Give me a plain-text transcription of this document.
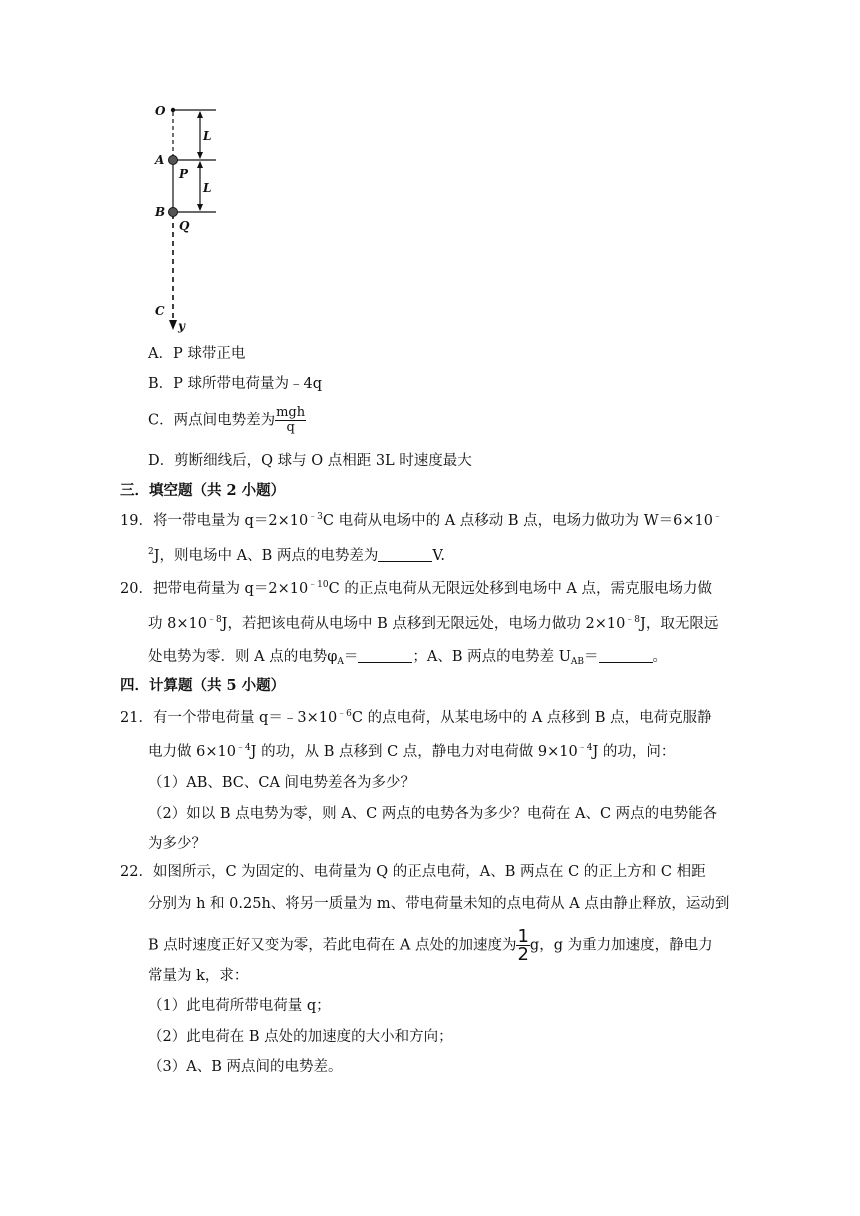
O
A
B
C
P
Q
y
L
L
A．P 球带正电
B．P 球所带电荷量为﹣4q
C．两点间电势差为 $\frac{\text{mgh}}{q}$
D．剪断细线后，Q 球与 O 点相距 3L 时速度最大
三．填空题（共 2 小题）
19．将一带电量为 $q=2\times 10^{﹣3}C$ 电荷从电场中的 A 点移动 B 点，电场力做功为 W＝6×10﹣
$^2$J，则电场中 A、B 两点的电势差为	V.
20．把带电荷量为 $q=2\times 10^{﹣10}C$ 的正点电荷从无限远处移到电场中 A 点，需克服电场力做
功 $8\times 10^{﹣8}J$，若把该电荷从电场中 B 点移到无限远处，电场力做功 $2\times 10^{﹣8}J$，取无限远
处电势为零．则 A 点的电势$\varphi_A=$	；A、B 两点的电势差 $U_{AB}=$	。
四．计算题（共 5 小题）
21．有一个带电荷量 $q=﹣3\times 10^{﹣6}C$ 的点电荷，从某电场中的 A 点移到 B 点，电荷克服静
电力做 $6\times 10^{﹣4}J$ 的功，从 B 点移到 C 点，静电力对电荷做 $9\times 10^{﹣4}J$ 的功，问：
（1）AB、BC、CA 间电势差各为多少？
（2）如以 B 点电势为零，则 A、C 两点的电势各为多少？电荷在 A、C 两点的电势能各
为多少？
22．如图所示，C 为固定的、电荷量为 Q 的正点电荷，A、B 两点在 C 的正上方和 C 相距
分别为 h 和 0.25h、将另一质量为 m、带电荷量未知的点电荷从 A 点由静止释放，运动到
B 点时速度正好又变为零，若此电荷在 A 点处的加速度为 $\frac{1}{2}$ g，g 为重力加速度，静电力
常量为 k，求：
（1）此电荷所带电荷量 q；
（2）此电荷在 B 点处的加速度的大小和方向；
（3）A、B 两点间的电势差。
